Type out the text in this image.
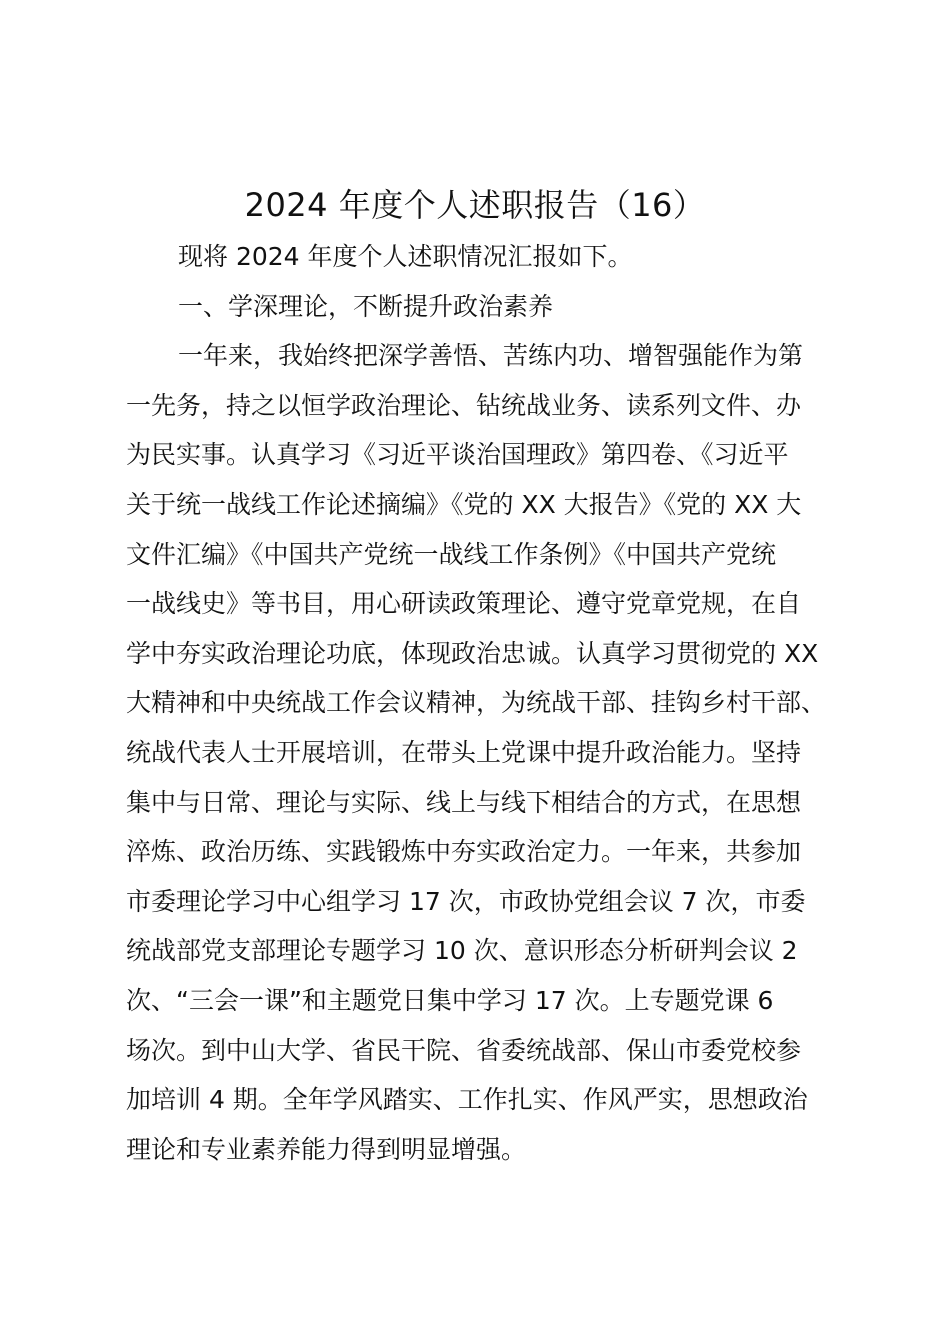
2024 年度个人述职报告（16）
现将 2024 年度个人述职情况汇报如下。
一、学深理论，不断提升政治素养
一年来，我始终把深学善悟、苦练内功、增智强能作为第
一先务，持之以恒学政治理论、钻统战业务、读系列文件、办
为民实事。认真学习《习近平谈治国理政》第四卷、《习近平
关于统一战线工作论述摘编》《党的 XX 大报告》《党的 XX 大
文件汇编》《中国共产党统一战线工作条例》《中国共产党统
一战线史》等书目，用心研读政策理论、遵守党章党规，在自
学中夯实政治理论功底，体现政治忠诚。认真学习贯彻党的 XX
大精神和中央统战工作会议精神，为统战干部、挂钩乡村干部、
统战代表人士开展培训，在带头上党课中提升政治能力。坚持
集中与日常、理论与实际、线上与线下相结合的方式，在思想
淬炼、政治历练、实践锻炼中夯实政治定力。一年来，共参加
市委理论学习中心组学习 17 次，市政协党组会议 7 次，市委
统战部党支部理论专题学习 10 次、意识形态分析研判会议 2
次、“三会一课”和主题党日集中学习 17 次。上专题党课 6
场次。到中山大学、省民干院、省委统战部、保山市委党校参
加培训 4 期。全年学风踏实、工作扎实、作风严实，思想政治
理论和专业素养能力得到明显增强。
